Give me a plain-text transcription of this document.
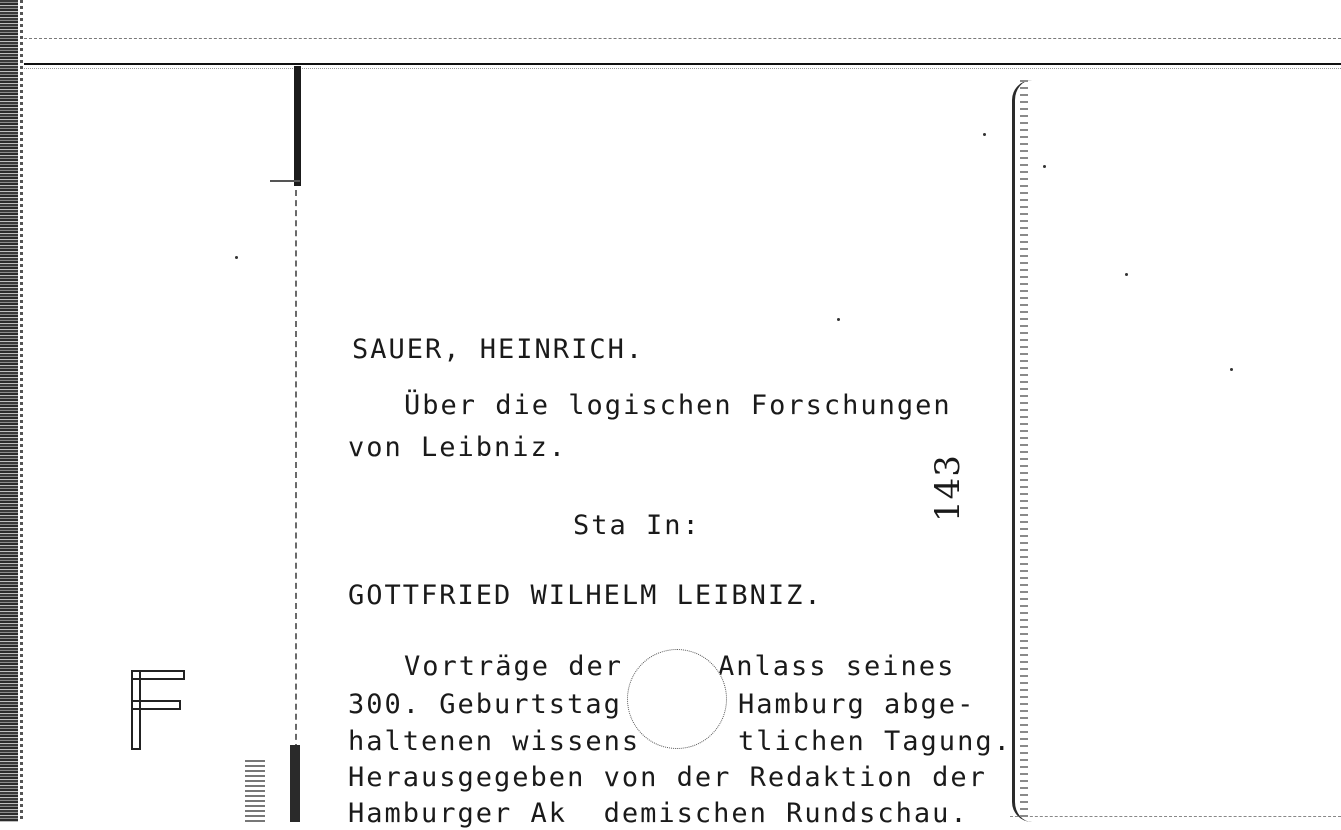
SAUER, HEINRICH.
Über die logischen Forschungen
von Leibniz.
Sta In:
GOTTFRIED WILHELM LEIBNIZ.
Vorträge der	Anlass seines
300. Geburtstag	Hamburg abge-
haltenen wissens	tlichen Tagung.
Herausgegeben von der Redaktion der
Hamburger Ak  demischen Rundschau.
143
